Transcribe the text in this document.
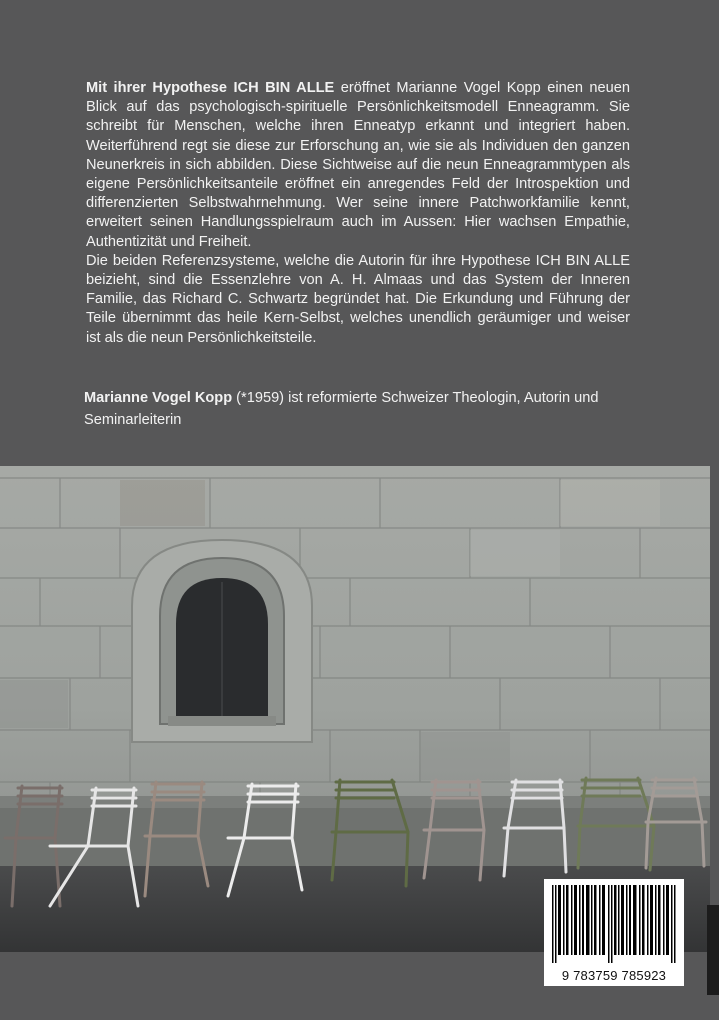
Mit ihrer Hypothese ICH BIN ALLE eröffnet Marianne Vogel Kopp einen neuen Blick auf das psychologisch-spirituelle Persönlichkeitsmodell Enneagramm. Sie schreibt für Menschen, welche ihren Enneatyp erkannt und integriert haben. Weiterführend regt sie diese zur Erforschung an, wie sie als Individuen den ganzen Neunerkreis in sich abbilden. Diese Sichtweise auf die neun Enneagrammtypen als eigene Persönlichkeitsanteile eröffnet ein anregendes Feld der Introspektion und differenzierten Selbstwahrnehmung. Wer seine innere Patchworkfamilie kennt, erweitert seinen Handlungsspielraum auch im Aussen: Hier wachsen Empathie, Authentizität und Freiheit.

Die beiden Referenzsysteme, welche die Autorin für ihre Hypothese ICH BIN ALLE beizieht, sind die Essenzlehre von A. H. Almaas und das System der Inneren Familie, das Richard C. Schwartz begründet hat. Die Erkundung und Führung der Teile übernimmt das heile Kern-Selbst, welches unendlich geräumiger und weiser ist als die neun Persönlichkeitsteile.

Marianne Vogel Kopp (*1959) ist reformierte Schweizer Theologin, Autorin und Seminarleiterin
9 783759 785923
